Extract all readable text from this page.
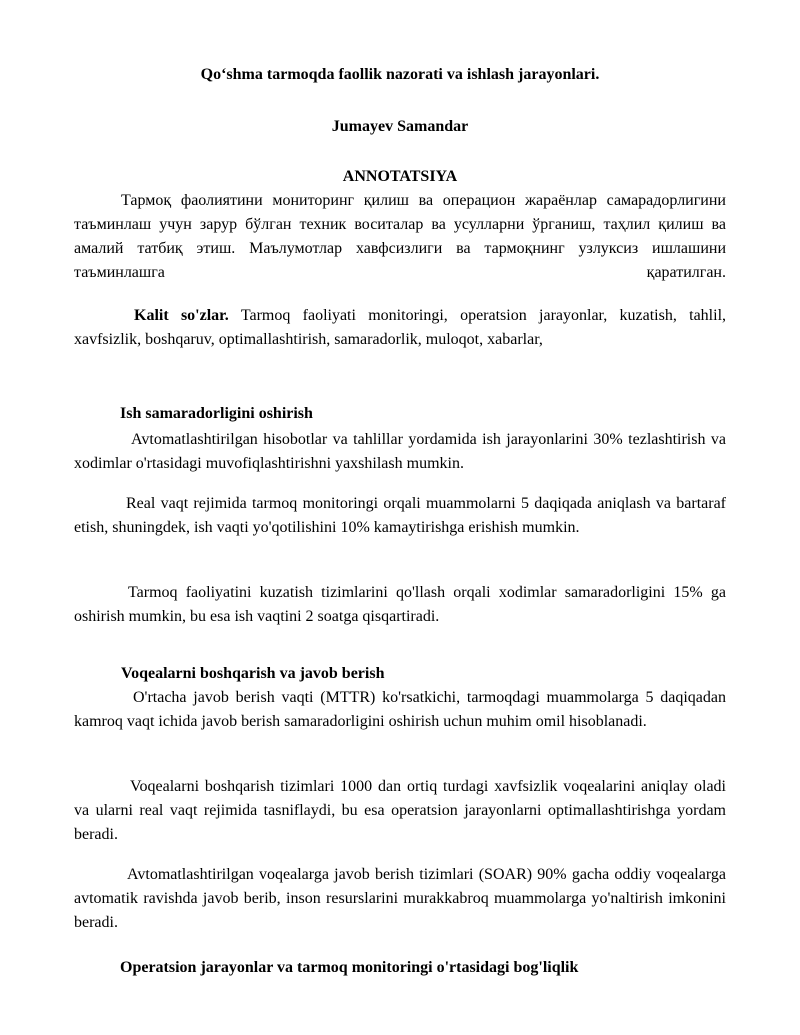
Qoʻshma tarmoqda faollik nazorati va ishlash jarayonlari.

Jumayev Samandar

ANNOTATSIYA

Тармоқ фаолиятини мониторинг қилиш ва операцион жараёнлар самарадорлигини таъминлаш учун зарур бўлган техник воситалар ва усулларни ўрганиш, таҳлил қилиш ва амалий татбиқ этиш. Маълумотлар хавфсизлиги ва тармоқнинг узлуксиз ишлашини таъминлашга қаратилган.

Kalit so'zlar. Tarmoq faoliyati monitoringi, operatsion jarayonlar, kuzatish, tahlil, xavfsizlik, boshqaruv, optimallashtirish, samaradorlik, muloqot, xabarlar,

Ish samaradorligini oshirish

Avtomatlashtirilgan hisobotlar va tahlillar yordamida ish jarayonlarini 30% tezlashtirish va xodimlar o'rtasidagi muvofiqlashtirishni yaxshilash mumkin.

Real vaqt rejimida tarmoq monitoringi orqali muammolarni 5 daqiqada aniqlash va bartaraf etish, shuningdek, ish vaqti yo'qotilishini 10% kamaytirishga erishish mumkin.

Tarmoq faoliyatini kuzatish tizimlarini qo'llash orqali xodimlar samaradorligini 15% ga oshirish mumkin, bu esa ish vaqtini 2 soatga qisqartiradi.

Voqealarni boshqarish va javob berish

O'rtacha javob berish vaqti (MTTR) ko'rsatkichi, tarmoqdagi muammolarga 5 daqiqadan kamroq vaqt ichida javob berish samaradorligini oshirish uchun muhim omil hisoblanadi.

Voqealarni boshqarish tizimlari 1000 dan ortiq turdagi xavfsizlik voqealarini aniqlay oladi va ularni real vaqt rejimida tasniflaydi, bu esa operatsion jarayonlarni optimallashtirishga yordam beradi.

Avtomatlashtirilgan voqealarga javob berish tizimlari (SOAR) 90% gacha oddiy voqealarga avtomatik ravishda javob berib, inson resurslarini murakkabroq muammolarga yo'naltirish imkonini beradi.

Operatsion jarayonlar va tarmoq monitoringi o'rtasidagi bog'liqlik
